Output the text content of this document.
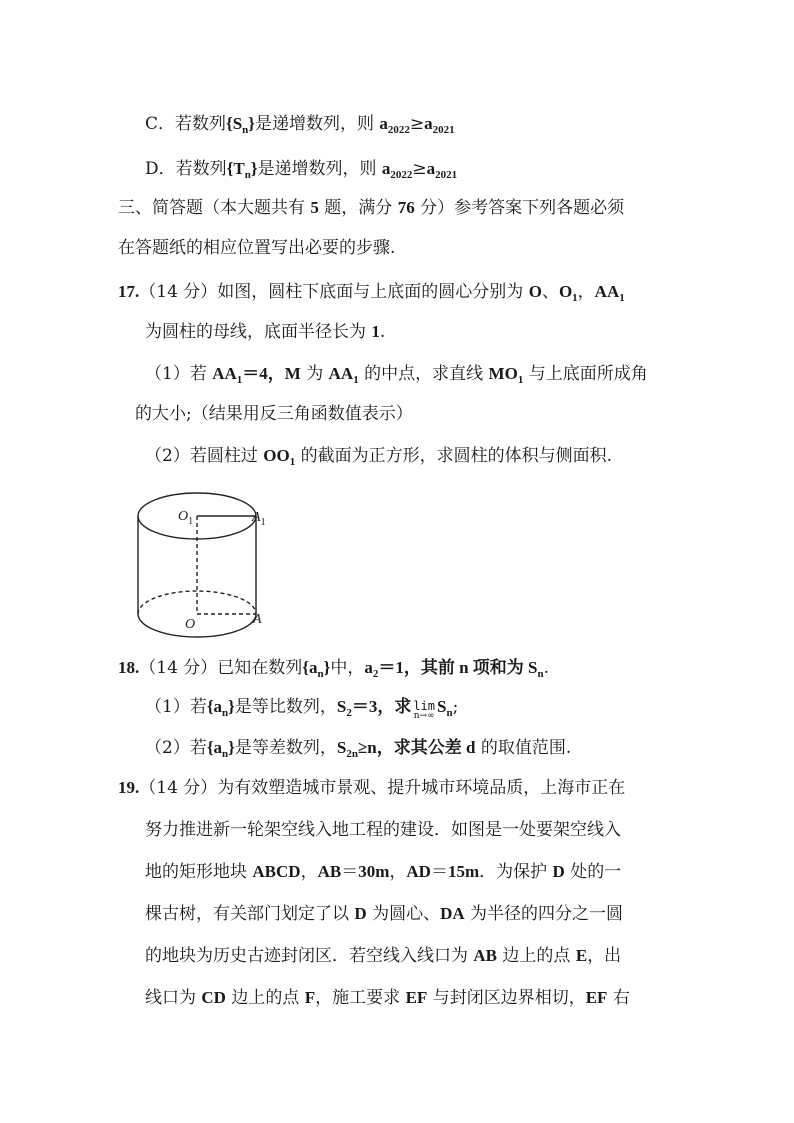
C．若数列$\{S_n\}$是递增数列，则 $a_{2022}\ge a_{2021}$
D．若数列$\{T_n\}$是递增数列，则 $a_{2022}\ge a_{2021}$
三、简答题（本大题共有 5 题，满分 76 分）参考答案下列各题必须
在答题纸的相应位置写出必要的步骤.
17.（14 分）如图，圆柱下底面与上底面的圆心分别为 O、$O_1$，$AA_1$
为圆柱的母线，底面半径长为 1.
（1）若 $AA_1=4$，M 为 $AA_1$ 的中点，求直线 $MO_1$ 与上底面所成角
的大小;（结果用反三角函数值表示）
（2）若圆柱过 $OO_1$ 的截面为正方形，求圆柱的体积与侧面积.
$O_1$	$A_1$
O	A
18.（14 分）已知在数列$\{a_n\}$中，$a_2=1$，其前 n 项和为 $S_n$.
（1）若$\{a_n\}$是等比数列，$S_2=3$，求 lim
n→∞ $S_n$;
（2）若$\{a_n\}$是等差数列，$S_{2n}\ge n$，求其公差 d 的取值范围.
19.（14 分）为有效塑造城市景观、提升城市环境品质，上海市正在
努力推进新一轮架空线入地工程的建设．如图是一处要架空线入
地的矩形地块 ABCD，AB＝30m，AD＝15m．为保护 D 处的一
棵古树，有关部门划定了以 D 为圆心、DA 为半径的四分之一圆
的地块为历史古迹封闭区．若空线入线口为 AB 边上的点 E，出
线口为 CD 边上的点 F，施工要求 EF 与封闭区边界相切，EF 右
